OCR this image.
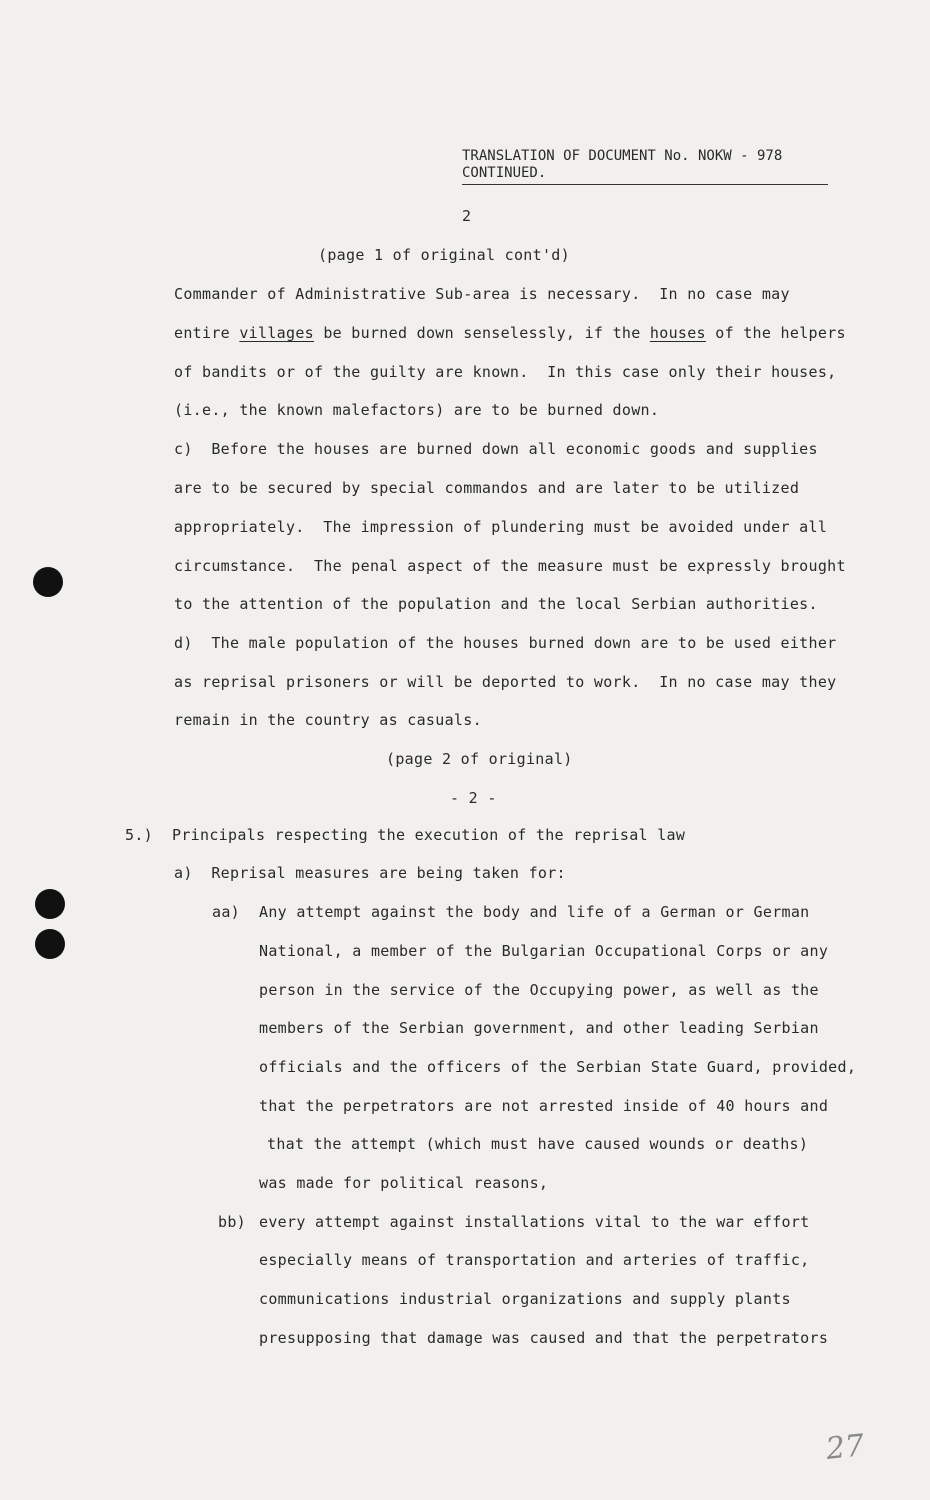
TRANSLATION OF DOCUMENT No. NOKW - 978
CONTINUED.
2
(page 1 of original cont'd)
Commander of Administrative Sub-area is necessary.  In no case may
entire villages be burned down senselessly, if the houses of the helpers
of bandits or of the guilty are known.  In this case only their houses,
(i.e., the known malefactors) are to be burned down.
c)  Before the houses are burned down all economic goods and supplies
are to be secured by special commandos and are later to be utilized
appropriately.  The impression of plundering must be avoided under all
circumstance.  The penal aspect of the measure must be expressly brought
to the attention of the population and the local Serbian authorities.
d)  The male population of the houses burned down are to be used either
as reprisal prisoners or will be deported to work.  In no case may they
remain in the country as casuals.
(page 2 of original)
- 2 -
5.) Principals respecting the execution of the reprisal law
a)  Reprisal measures are being taken for:
aa) Any attempt against the body and life of a German or German
National, a member of the Bulgarian Occupational Corps or any
person in the service of the Occupying power, as well as the
members of the Serbian government, and other leading Serbian
officials and the officers of the Serbian State Guard, provided,
that the perpetrators are not arrested inside of 40 hours and
that the attempt (which must have caused wounds or deaths)
was made for political reasons,
bb) every attempt against installations vital to the war effort
especially means of transportation and arteries of traffic,
communications industrial organizations and supply plants
presupposing that damage was caused and that the perpetrators
27
